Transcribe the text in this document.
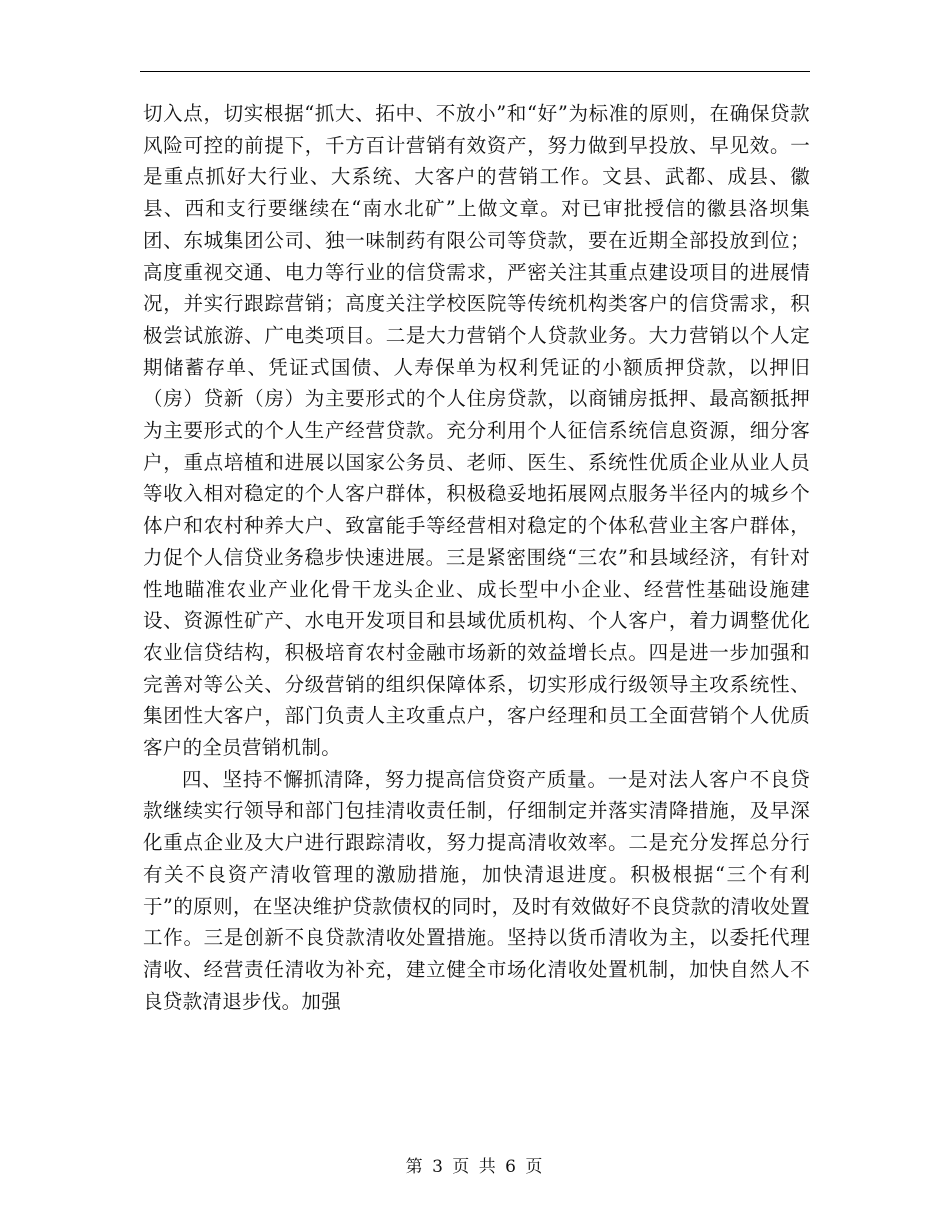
切入点，切实根据“抓大、拓中、不放小”和“好”为标准的原则，在确保贷款风险可控的前提下，千方百计营销有效资产，努力做到早投放、早见效。一是重点抓好大行业、大系统、大客户的营销工作。文县、武都、成县、徽县、西和支行要继续在“南水北矿”上做文章。对已审批授信的徽县洛坝集团、东城集团公司、独一味制药有限公司等贷款，要在近期全部投放到位；高度重视交通、电力等行业的信贷需求，严密关注其重点建设项目的进展情况，并实行跟踪营销；高度关注学校医院等传统机构类客户的信贷需求，积极尝试旅游、广电类项目。二是大力营销个人贷款业务。大力营销以个人定期储蓄存单、凭证式国债、人寿保单为权利凭证的小额质押贷款，以押旧（房）贷新（房）为主要形式的个人住房贷款，以商铺房抵押、最高额抵押为主要形式的个人生产经营贷款。充分利用个人征信系统信息资源，细分客户，重点培植和进展以国家公务员、老师、医生、系统性优质企业从业人员等收入相对稳定的个人客户群体，积极稳妥地拓展网点服务半径内的城乡个体户和农村种养大户、致富能手等经营相对稳定的个体私营业主客户群体，力促个人信贷业务稳步快速进展。三是紧密围绕“三农”和县域经济，有针对性地瞄准农业产业化骨干龙头企业、成长型中小企业、经营性基础设施建设、资源性矿产、水电开发项目和县域优质机构、个人客户，着力调整优化农业信贷结构，积极培育农村金融市场新的效益增长点。四是进一步加强和完善对等公关、分级营销的组织保障体系，切实形成行级领导主攻系统性、集团性大客户，部门负责人主攻重点户，客户经理和员工全面营销个人优质客户的全员营销机制。

四、坚持不懈抓清降，努力提高信贷资产质量。一是对法人客户不良贷款继续实行领导和部门包挂清收责任制，仔细制定并落实清降措施，及早深化重点企业及大户进行跟踪清收，努力提高清收效率。二是充分发挥总分行有关不良资产清收管理的激励措施，加快清退进度。积极根据“三个有利于”的原则，在坚决维护贷款债权的同时，及时有效做好不良贷款的清收处置工作。三是创新不良贷款清收处置措施。坚持以货币清收为主，以委托代理清收、经营责任清收为补充，建立健全市场化清收处置机制，加快自然人不良贷款清退步伐。加强

第 3 页 共 6 页
